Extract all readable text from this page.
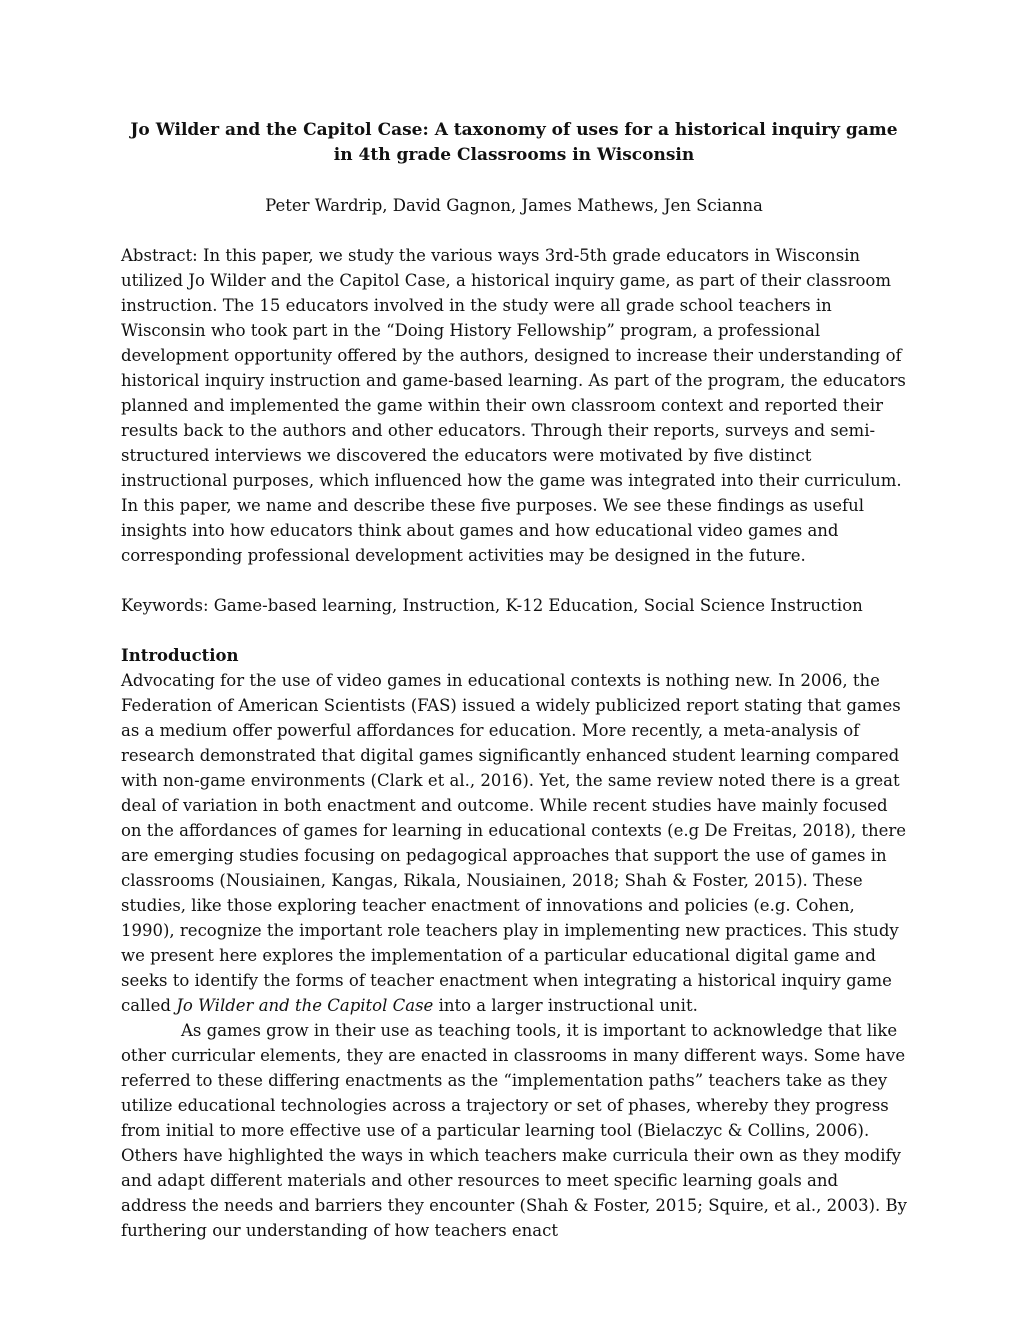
Jo Wilder and the Capitol Case: A taxonomy of uses for a historical inquiry game in 4th grade Classrooms in Wisconsin
Peter Wardrip, David Gagnon, James Mathews, Jen Scianna

Abstract: In this paper, we study the various ways 3rd-5th grade educators in Wisconsin utilized Jo Wilder and the Capitol Case, a historical inquiry game, as part of their classroom instruction. The 15 educators involved in the study were all grade school teachers in Wisconsin who took part in the “Doing History Fellowship” program, a professional development opportunity offered by the authors, designed to increase their understanding of historical inquiry instruction and game-based learning. As part of the program, the educators planned and implemented the game within their own classroom context and reported their results back to the authors and other educators. Through their reports, surveys and semi-structured interviews we discovered the educators were motivated by five distinct instructional purposes, which influenced how the game was integrated into their curriculum. In this paper, we name and describe these five purposes. We see these findings as useful insights into how educators think about games and how educational video games and corresponding professional development activities may be designed in the future.

Keywords: Game-based learning, Instruction, K-12 Education, Social Science Instruction

Introduction

Advocating for the use of video games in educational contexts is nothing new. In 2006, the Federation of American Scientists (FAS) issued a widely publicized report stating that games as a medium offer powerful affordances for education. More recently, a meta-analysis of research demonstrated that digital games significantly enhanced student learning compared with non-game environments (Clark et al., 2016). Yet, the same review noted there is a great deal of variation in both enactment and outcome. While recent studies have mainly focused on the affordances of games for learning in educational contexts (e.g De Freitas, 2018), there are emerging studies focusing on pedagogical approaches that support the use of games in classrooms (Nousiainen, Kangas, Rikala, Nousiainen, 2018; Shah & Foster, 2015). These studies, like those exploring teacher enactment of innovations and policies (e.g. Cohen, 1990), recognize the important role teachers play in implementing new practices. This study we present here explores the implementation of a particular educational digital game and seeks to identify the forms of teacher enactment when integrating a historical inquiry game called Jo Wilder and the Capitol Case into a larger instructional unit.

As games grow in their use as teaching tools, it is important to acknowledge that like other curricular elements, they are enacted in classrooms in many different ways. Some have referred to these differing enactments as the “implementation paths” teachers take as they utilize educational technologies across a trajectory or set of phases, whereby they progress from initial to more effective use of a particular learning tool (Bielaczyc & Collins, 2006). Others have highlighted the ways in which teachers make curricula their own as they modify and adapt different materials and other resources to meet specific learning goals and address the needs and barriers they encounter (Shah & Foster, 2015; Squire, et al., 2003). By furthering our understanding of how teachers enact
